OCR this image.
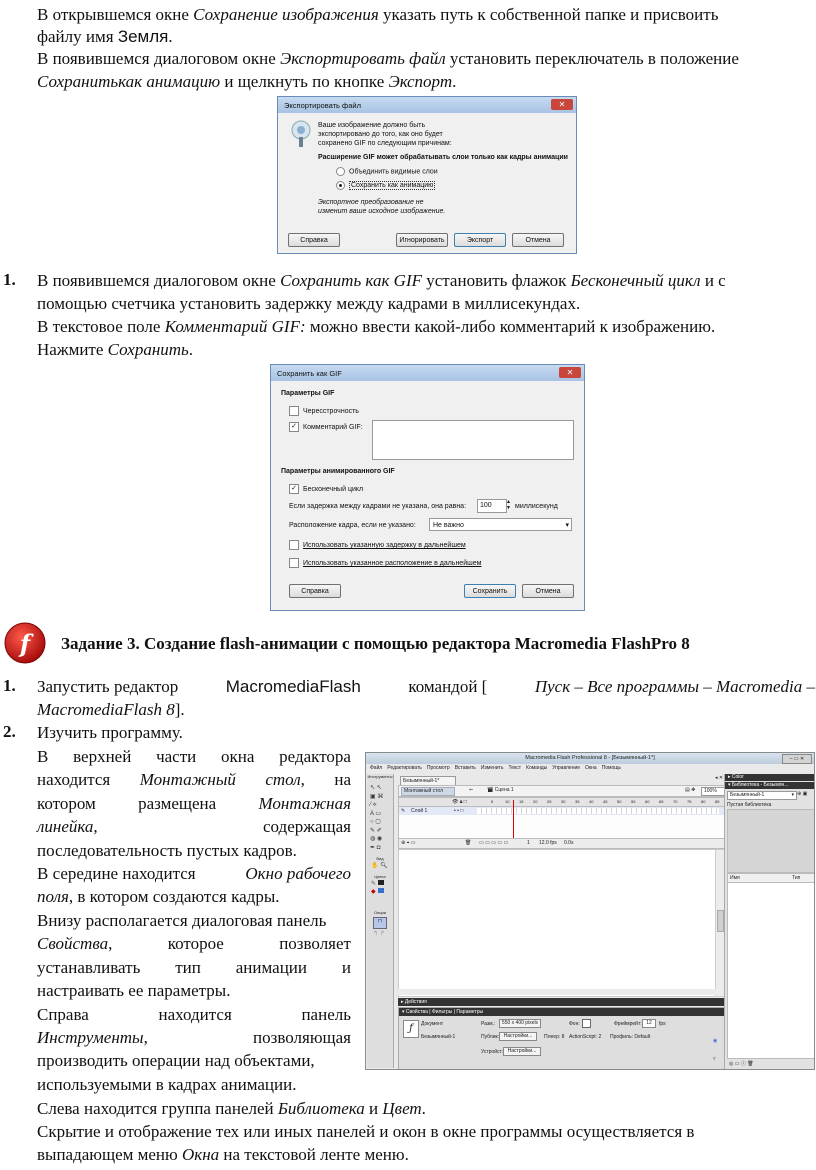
В открывшемся окне Сохранение изображения указать путь к собственной папке и присвоить
файлу имя Земля.
В появившемся диалоговом окне Экспортировать файл установить переключатель в положение
Сохранитькак анимацию и щелкнуть по кнопке Экспорт.
Экспортировать файл	✕
Ваше изображение должно быть
экспортировано до того, как оно будет
сохранено GIF по следующим причинам:
Расширение GIF может обрабатывать слои только как кадры анимации
Объединить видимые слои
Сохранить как анимацию
Экспортное преобразование не
изменит ваше исходное изображение.
Справка	Игнорировать	Экспорт	Отмена
1. В появившемся диалоговом окне Сохранить как GIF установить флажок Бесконечный цикл и с
помощью счетчика установить задержку между кадрами в миллисекундах.
В текстовое поле Комментарий GIF: можно ввести какой-либо комментарий к изображению.
Нажмите Сохранить.
Сохранить как GIF	✕
Параметры GIF
Чересстрочность
✓ Комментарий GIF:
Параметры анимированного GIF
✓ Бесконечный цикл
Если задержка между кадрами не указана, она равна:	100	▲
▼ миллисекунд
Расположение кадра, если не указано:	Не важно	▾
Использовать указанную задержку в дальнейшем
Использовать указанное расположение в дальнейшем
Справка	Сохранить	Отмена
f Задание 3. Создание flash-анимации с помощью редактора Macromedia FlashPro 8
1. Запустить редактор	MacromediaFlash	командой [	Пуск – Все программы – Macromedia –
MacromediaFlash 8].
2. Изучить программу.
В верхней части окна редактора
находится Монтажный стол, на
котором размещена Монтажная
линейка,	содержащая
последовательность пустых кадров.
В середине находится	Окно рабочего
поля, в котором создаются кадры.
Внизу располагается диалоговая панель
Свойства,	которое	позволяет
устанавливать тип анимации и
настраивать ее параметры.
Справа	находится	панель
Инструменты,	позволяющая
производить операции над объектами,
используемыми в кадрах анимации.
Слева находится группа панелей Библиотека и Цвет.
Скрытие и отображение тех или иных панелей и окон в окне программы осуществляется в
выпадающем меню Окна на текстовой ленте меню.
Macromedia Flash Professional 8 - [Безымянный-1*]	– ▭ ✕
Файл Редактировать Просмотр Вставить Изменить Текст Команды Управление Окна Помощь
Инструменты
↖ ↖
▣ ⌘
⁄ ⟡
A ▭
○ ▢
✎ ✐
◍ ◉
✒ ◘
Вид
✋ 🔍︎
Цвета
✎
◆
Опции
⊓
↰ ↱
Безымянный-1*	◂ ✕
Монтажный стол	⇐	🎬︎ Сцена 1	▤ ✥	100%
👁︎ 🔒︎ □	5	10 15 20 25 30 35 40 45 50 55 60 65 70 75 80 85
✎ Слой 1	• • □
⊕ ⌖ ▭	🗑︎ ▭ ▭ ▭ ▭ ▭	1 12.0 fps 0.0s
▸ Действия
▾ Свойства | Фильтры | Параметры
ƒ	Документ
Безымянный-1
Разм.:	550 x 400 pixels	Фон:	Фреймрейт: 12	fps
Публик: Настройки...	Плеер: 8 ActionScript: 2 Профиль: Default
Устройст: Настройки...
◉
▿
▸ Color
▾ Библиотека - Безымян...
Безымянный-1	▾ ⊕ ▣
Пустая библиотека
Имя	Тип
◎ ▭ ⓘ 🗑︎
